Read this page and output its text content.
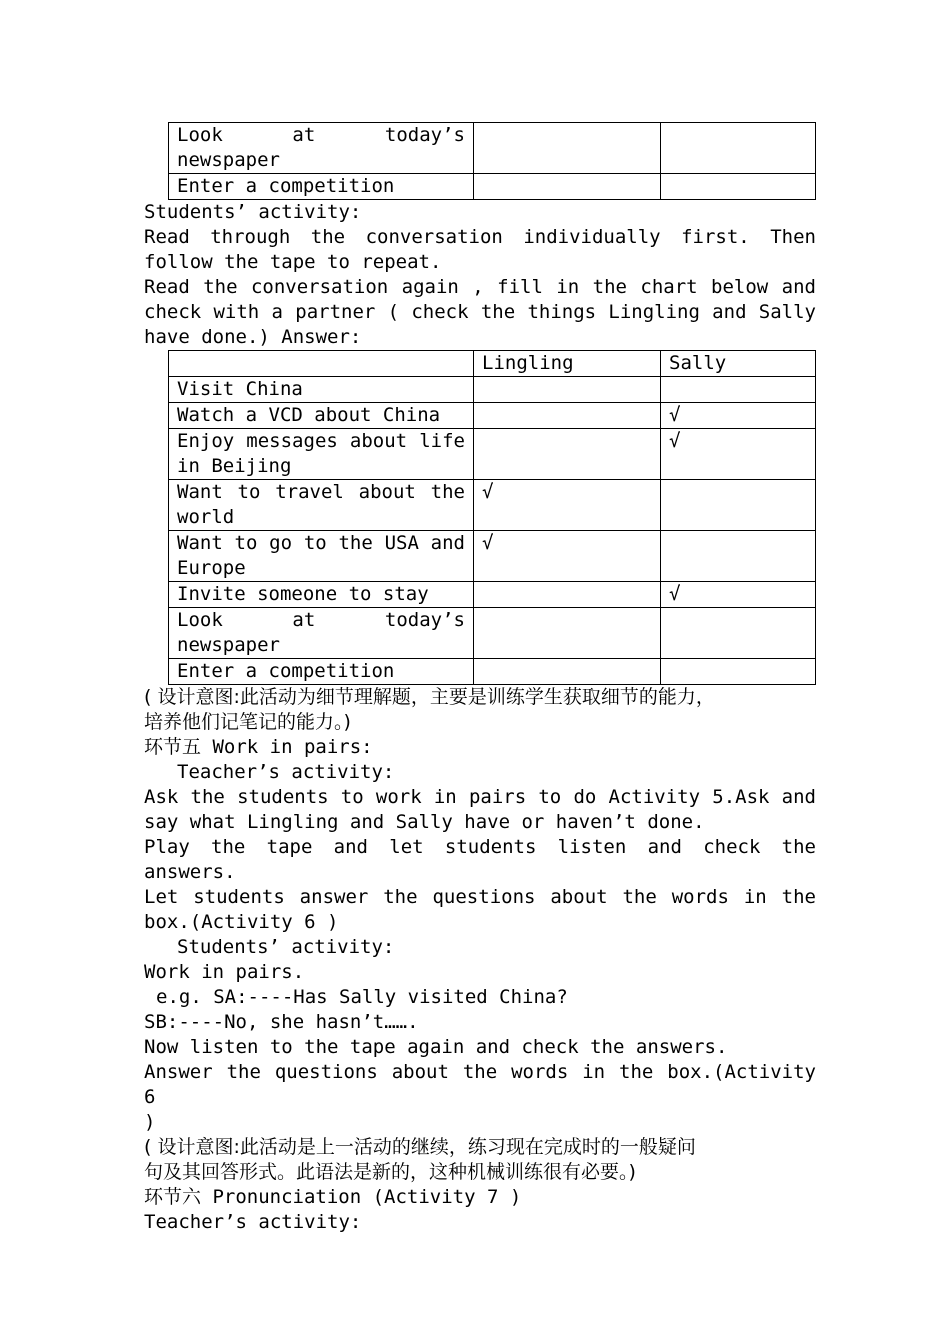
Look at today’s
newspaper		

Enter a competition		

Students’ activity:

Read through the conversation individually first. Then

follow the tape to repeat.

Read the conversation again , fill in the chart below and

check with a partner ( check the things Lingling and Sally

have done.) Answer:

	Lingling	Sally

Visit China		

Watch a VCD about China		√

Enjoy messages about life
in Beijing		√

Want to travel about the
world	√	

Want to go to the USA and
Europe	√	

Invite someone to stay		√

Look at today’s
newspaper		

Enter a competition		

( 设计意图:此活动为细节理解题，主要是训练学生获取细节的能力，

培养他们记笔记的能力。)

环节五 Work in pairs:

Teacher’s activity:

Ask the students to work in pairs to do Activity 5.Ask and

say what Lingling and Sally have or haven’t done.

Play the tape and let students listen and check the

answers.

Let students answer the questions about the words in the

box.(Activity 6 )

Students’ activity:

Work in pairs.

e.g. SA:----Has Sally visited China?

SB:----No, she hasn’t…….

Now listen to the tape again and check the answers.

Answer the questions about the words in the box.(Activity 6

)

( 设计意图:此活动是上一活动的继续，练习现在完成时的一般疑问

句及其回答形式。此语法是新的，这种机械训练很有必要。)

环节六 Pronunciation (Activity 7 )

Teacher’s activity:
